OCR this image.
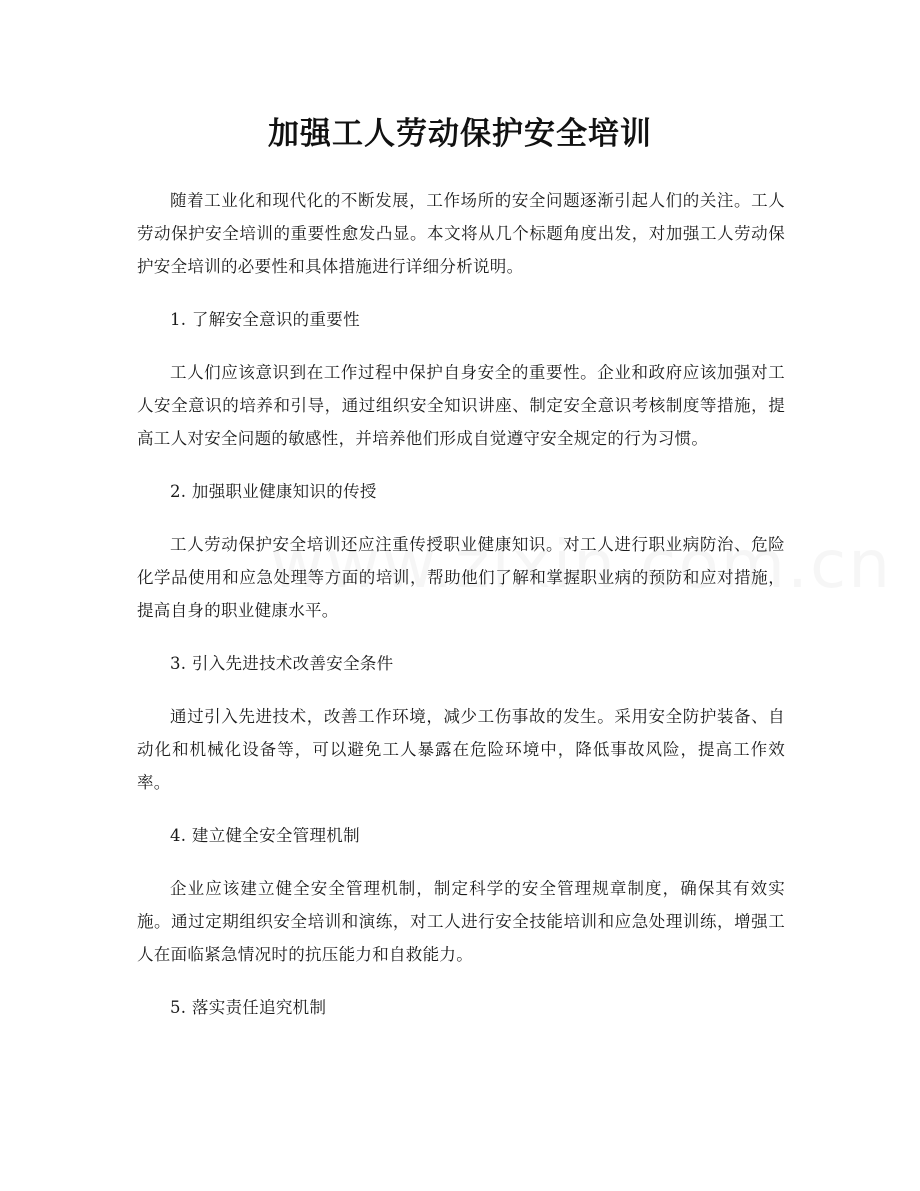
加强工人劳动保护安全培训

随着工业化和现代化的不断发展，工作场所的安全问题逐渐引起人们的关注。工人劳动保护安全培训的重要性愈发凸显。本文将从几个标题角度出发，对加强工人劳动保护安全培训的必要性和具体措施进行详细分析说明。

1. 了解安全意识的重要性

工人们应该意识到在工作过程中保护自身安全的重要性。企业和政府应该加强对工人安全意识的培养和引导，通过组织安全知识讲座、制定安全意识考核制度等措施，提高工人对安全问题的敏感性，并培养他们形成自觉遵守安全规定的行为习惯。

2. 加强职业健康知识的传授

工人劳动保护安全培训还应注重传授职业健康知识。对工人进行职业病防治、危险化学品使用和应急处理等方面的培训，帮助他们了解和掌握职业病的预防和应对措施，提高自身的职业健康水平。

3. 引入先进技术改善安全条件

通过引入先进技术，改善工作环境，减少工伤事故的发生。采用安全防护装备、自动化和机械化设备等，可以避免工人暴露在危险环境中，降低事故风险，提高工作效率。

4. 建立健全安全管理机制

企业应该建立健全安全管理机制，制定科学的安全管理规章制度，确保其有效实施。通过定期组织安全培训和演练，对工人进行安全技能培训和应急处理训练，增强工人在面临紧急情况时的抗压能力和自救能力。

5. 落实责任追究机制
